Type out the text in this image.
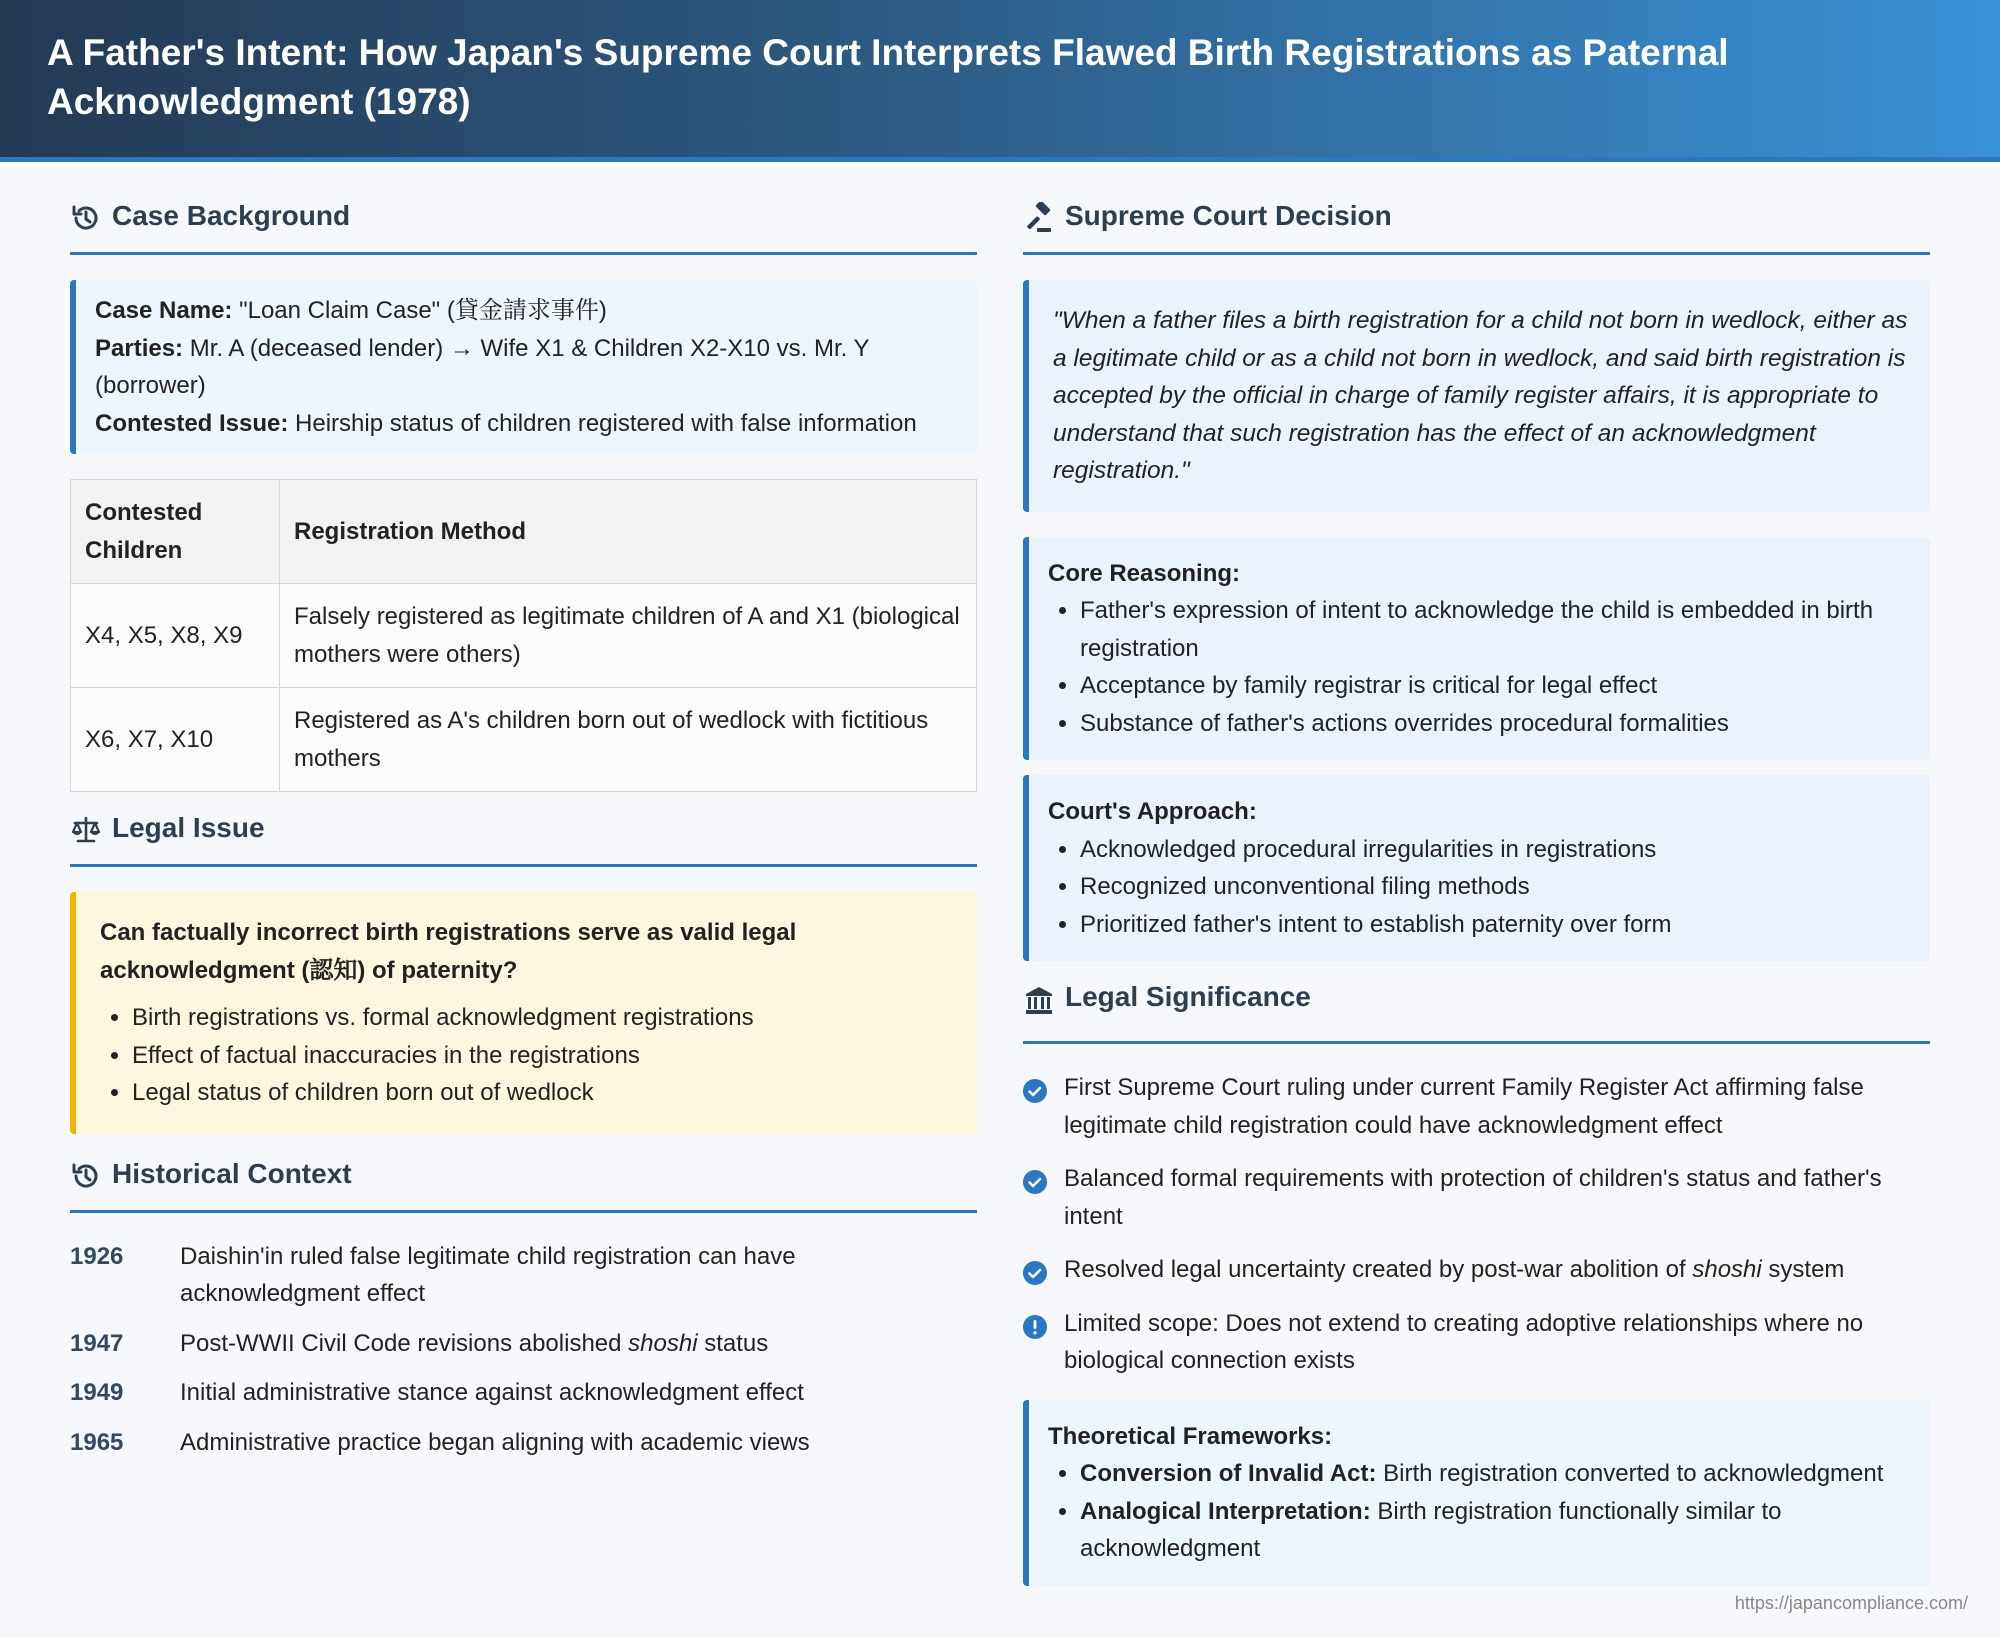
A Father's Intent: How Japan's Supreme Court Interprets Flawed Birth Registrations as Paternal Acknowledgment (1978)
Case Background
Case Name: "Loan Claim Case" (貸金請求事件)
Parties: Mr. A (deceased lender) → Wife X1 & Children X2-X10 vs. Mr. Y (borrower)
Contested Issue: Heirship status of children registered with false information
Contested Children	Registration Method
X4, X5, X8, X9	Falsely registered as legitimate children of A and X1 (biological mothers were others)
X6, X7, X10	Registered as A's children born out of wedlock with fictitious mothers
Legal Issue
Can factually incorrect birth registrations serve as valid legal acknowledgment (認知) of paternity?
• Birth registrations vs. formal acknowledgment registrations
• Effect of factual inaccuracies in the registrations
• Legal status of children born out of wedlock
Historical Context
1926	Daishin'in ruled false legitimate child registration can have acknowledgment effect
1947	Post-WWII Civil Code revisions abolished shoshi status
1949	Initial administrative stance against acknowledgment effect
1965	Administrative practice began aligning with academic views
Supreme Court Decision
"When a father files a birth registration for a child not born in wedlock, either as a legitimate child or as a child not born in wedlock, and said birth registration is accepted by the official in charge of family register affairs, it is appropriate to understand that such registration has the effect of an acknowledgment registration."
Core Reasoning:
• Father's expression of intent to acknowledge the child is embedded in birth registration
• Acceptance by family registrar is critical for legal effect
• Substance of father's actions overrides procedural formalities
Court's Approach:
• Acknowledged procedural irregularities in registrations
• Recognized unconventional filing methods
• Prioritized father's intent to establish paternity over form
Legal Significance
First Supreme Court ruling under current Family Register Act affirming false legitimate child registration could have acknowledgment effect
Balanced formal requirements with protection of children's status and father's intent
Resolved legal uncertainty created by post-war abolition of shoshi system
Limited scope: Does not extend to creating adoptive relationships where no biological connection exists
Theoretical Frameworks:
• Conversion of Invalid Act: Birth registration converted to acknowledgment
• Analogical Interpretation: Birth registration functionally similar to acknowledgment
https://japancompliance.com/
